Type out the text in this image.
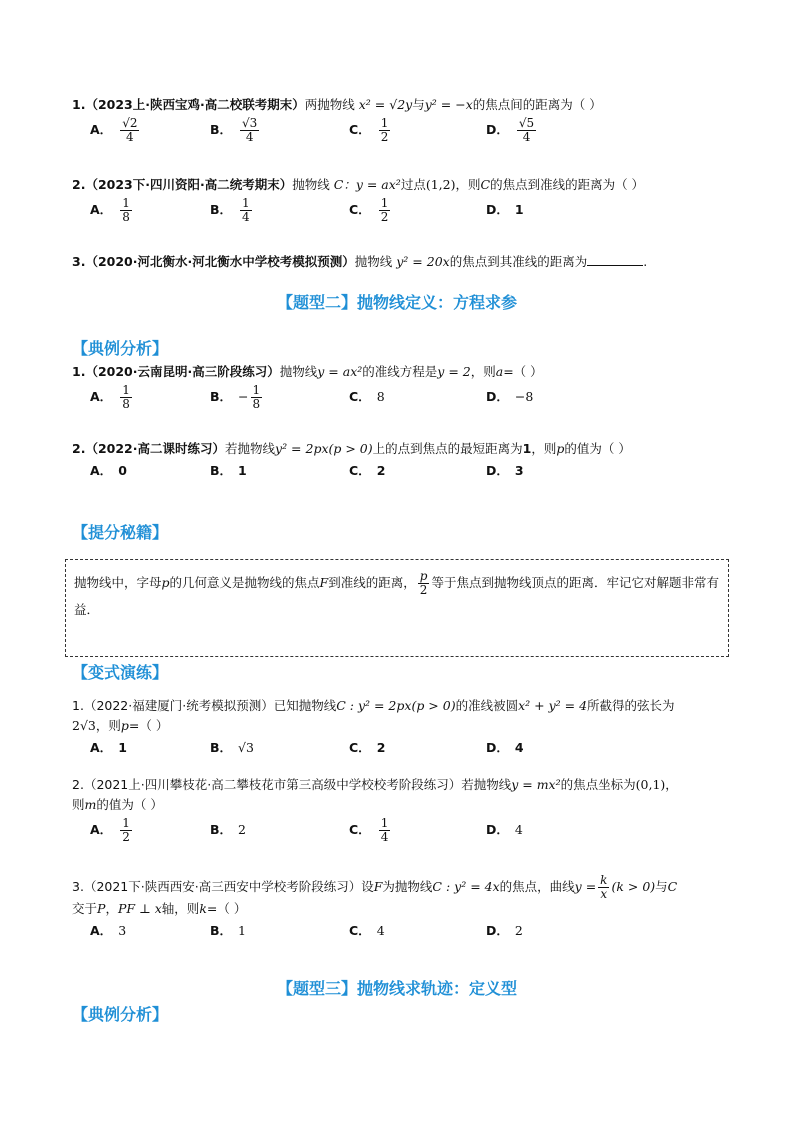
1.（2023上·陕西宝鸡·高二校联考期末）两抛物线 x² = √2y与y² = −x的焦点间的距离为（ ）
A． $\frac{√2}{4}$	B． $\frac{√3}{4}$	C． $\frac{1}{2}$	D． $\frac{√5}{4}$
2.（2023下·四川资阳·高二统考期末）抛物线 C：y = ax²过点(1,2)，则C的焦点到准线的距离为（ ）
A． $\frac{1}{8}$	B． $\frac{1}{4}$	C． $\frac{1}{2}$	D． 1
3.（2020·河北衡水·河北衡水中学校考模拟预测）抛物线 y² = 20x的焦点到其准线的距离为	.
【题型二】抛物线定义：方程求参
【典例分析】
1.（2020·云南昆明·高三阶段练习）抛物线y = ax²的准线方程是y = 2，则a=（ ）
A． $\frac{1}{8}$	B． − $\frac{1}{8}$	C． 8	D． −8
2.（2022·高二课时练习）若抛物线y² = 2px(p > 0)上的点到焦点的最短距离为1，则p的值为（ ）
A． 0	B． 1	C． 2	D． 3
【提分秘籍】
抛物线中，字母p的几何意义是抛物线的焦点F到准线的距离， $\frac{p}{2}$ 等于焦点到抛物线顶点的距离．牢记它对解题非常有益．
【变式演练】
1.（2022·福建厦门·统考模拟预测）已知抛物线C : y² = 2px(p > 0)的准线被圆x² + y² = 4所截得的弦长为
2√3，则p=（ ）
A． 1	B． √3	C． 2	D． 4
2.（2021上·四川攀枝花·高二攀枝花市第三高级中学校校考阶段练习）若抛物线y = mx²的焦点坐标为(0,1)，
则m的值为（ ）
A． $\frac{1}{2}$	B． 2	C． $\frac{1}{4}$	D． 4
3. （2021下·陕西西安·高三西安中学校考阶段练习） 设 F 为抛物线 C : y² = 4x 的焦点，曲线 $y = \frac{k}{x} (k > 0)$ 与 C
交于P，PF ⊥ x轴，则k=（ ）
A． 3	B． 1	C． 4	D． 2
【题型三】抛物线求轨迹：定义型
【典例分析】
